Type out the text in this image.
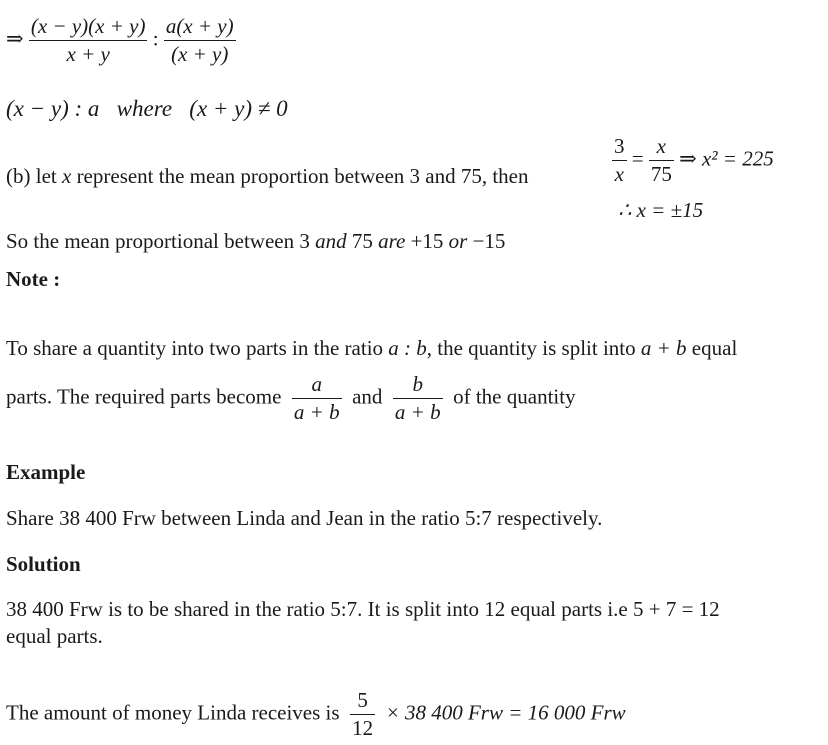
⇒ $\frac{(x - y)(x + y)}{x + y}$ : $\frac{a(x + y)}{(x + y)}$
(x − y) : a where (x + y) ≠ 0
(b) let x represent the mean proportion between 3 and 75, then	$\frac{3}{x} = \frac{x}{75}$ ⇒ x² = 225
∴ x = ±15
So the mean proportional between 3 and 75 are +15 or −15
Note :
To share a quantity into two parts in the ratio a : b, the quantity is split into a + b equal
parts. The required parts become $\frac{a}{a + b}$ and $\frac{b}{a + b}$ of the quantity
Example
Share 38 400 Frw between Linda and Jean in the ratio 5:7 respectively.
Solution
38 400 Frw is to be shared in the ratio 5:7. It is split into 12 equal parts i.e 5 + 7 = 12
equal parts.
The amount of money Linda receives is $\frac{5}{12} \times 38$ 400 Frw = 16 000 Frw
